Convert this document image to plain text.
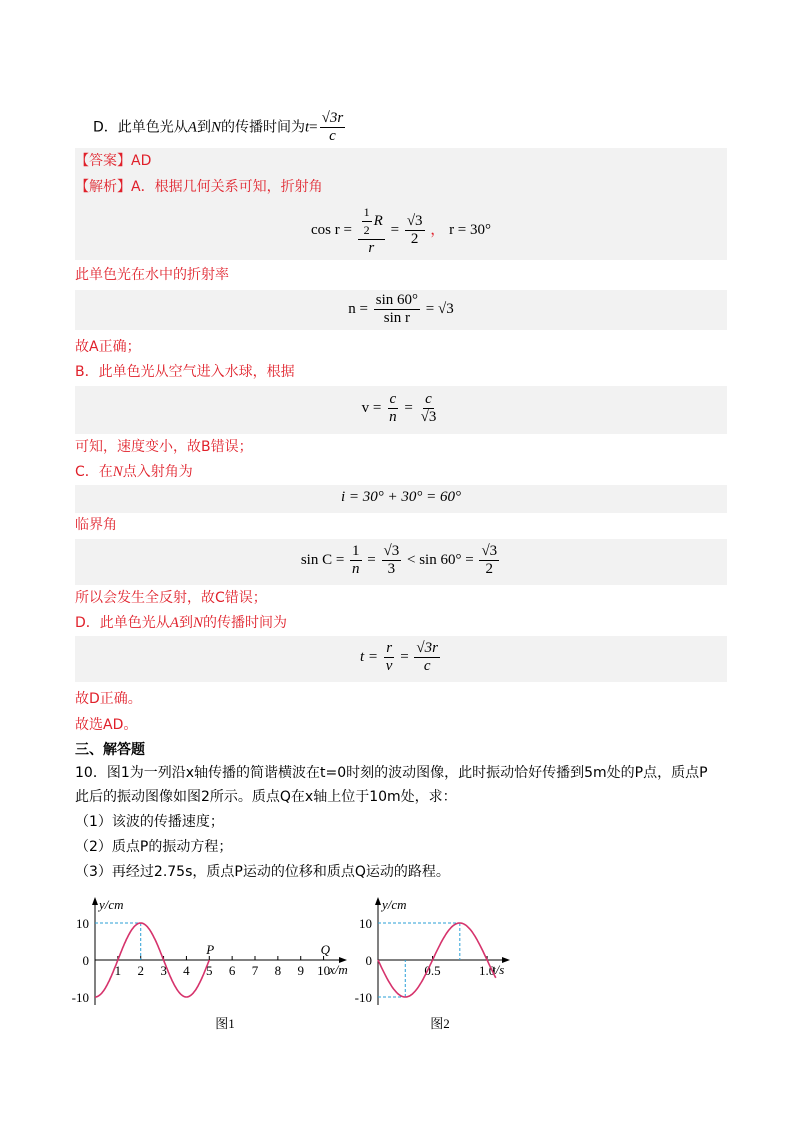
D．此单色光从A到N的传播时间为$t= \frac{√3r}{c}$
【答案】AD
【解析】A．根据几何关系可知，折射角
$\cos r = \frac{\frac{1}{2} R}{r} = \frac{√3}{2}$ ， r = 30°
此单色光在水中的折射率
$n = \frac{\sin 60^\circ}{\text{sin r}} = √3$
故A正确；
B．此单色光从空气进入水球，根据
$v = \frac{c}{n} = \frac{c}{√3}$
可知，速度变小，故B错误；
C．在N点入射角为
i = 30° + 30° = 60°
临界角
$\sin C = \frac{1}{n} = \frac{√3}{3} < \sin 60^\circ = \frac{√3}{2}$
所以会发生全反射，故C错误；
D．此单色光从A到N的传播时间为
$t = \frac{r}{v} = \frac{√3r}{c}$
故D正确。
故选AD。
三、解答题
10．图1为一列沿x轴传播的简谐横波在t=0时刻的波动图像，此时振动恰好传播到5m处的P点，质点P
此后的振动图像如图2所示。质点Q在x轴上位于10m处，求：
（1）该波的传播速度；
（2）质点P的振动方程；
（3）再经过2.75s，质点P运动的位移和质点Q运动的路程。
y/cm
x/m
10
0
-10
1 2 3 4 5 6 7 8 9 10
P	Q
图1
y/cm
t/s
10
0
-10
0.5	1.0
图2
